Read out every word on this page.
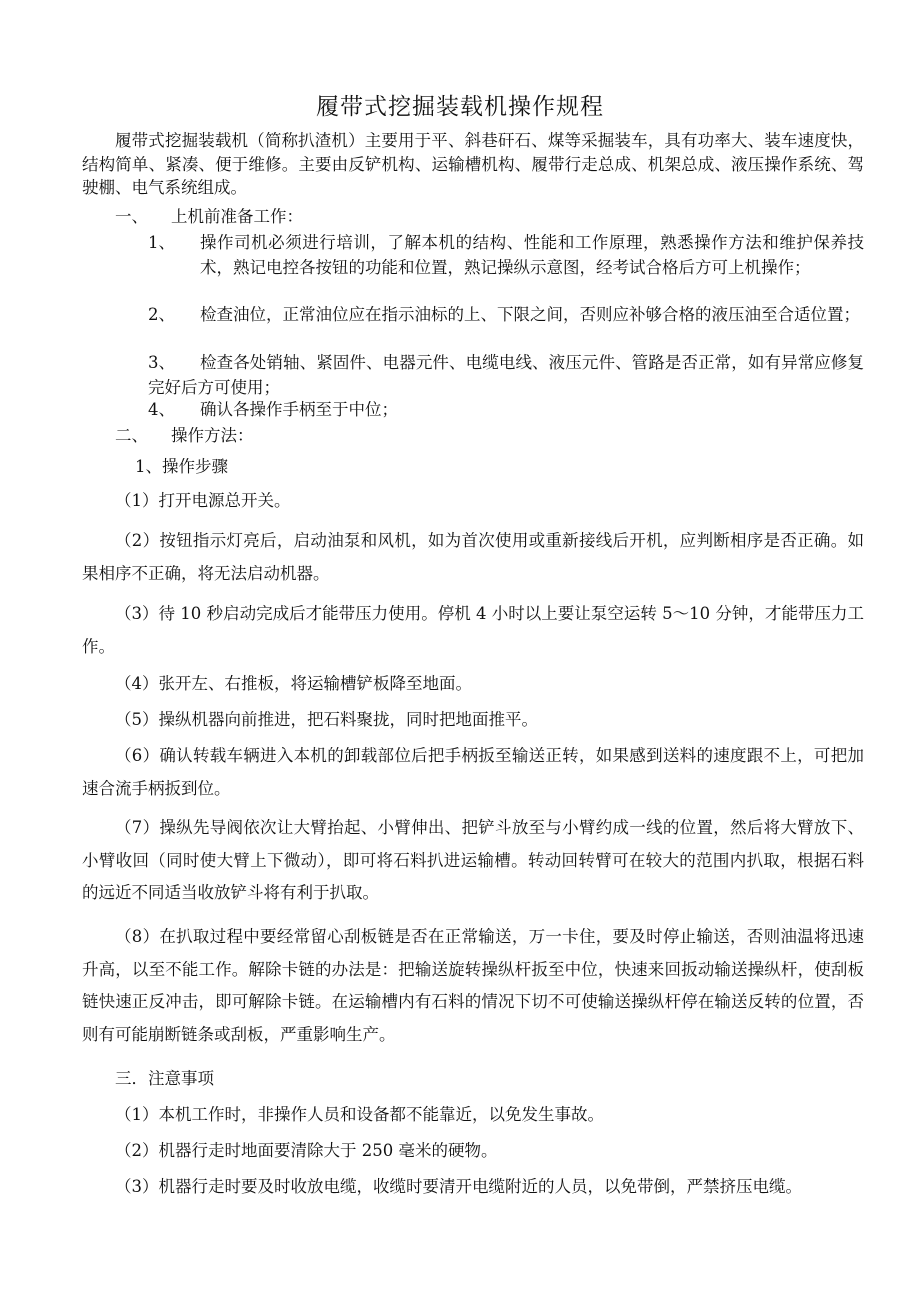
履带式挖掘装载机操作规程
履带式挖掘装载机（简称扒渣机）主要用于平、斜巷矸石、煤等采掘装车，具有功率大、装车速度快，结构简单、紧凑、便于维修。主要由反铲机构、运输槽机构、履带行走总成、机架总成、液压操作系统、驾驶棚、电气系统组成。
一、 上机前准备工作：
1、 操作司机必须进行培训，了解本机的结构、性能和工作原理，熟悉操作方法和维护保养技术，熟记电控各按钮的功能和位置，熟记操纵示意图，经考试合格后方可上机操作；
2、 检查油位，正常油位应在指示油标的上、下限之间，否则应补够合格的液压油至合适位置；
3、	检查各处销轴、紧固件、电器元件、电缆电线、液压元件、管路是否正常，如有异常应修复完好后方可使用；
4、 确认各操作手柄至于中位；
二、 操作方法：
1、操作步骤
（1）打开电源总开关。
（2）按钮指示灯亮后，启动油泵和风机，如为首次使用或重新接线后开机，应判断相序是否正确。如果相序不正确，将无法启动机器。
（3）待 10 秒启动完成后才能带压力使用。停机 4 小时以上要让泵空运转 5～10 分钟，才能带压力工作。
（4）张开左、右推板，将运输槽铲板降至地面。
（5）操纵机器向前推进，把石料聚拢，同时把地面推平。
（6）确认转载车辆进入本机的卸载部位后把手柄扳至输送正转，如果感到送料的速度跟不上，可把加速合流手柄扳到位。
（7）操纵先导阀依次让大臂抬起、小臂伸出、把铲斗放至与小臂约成一线的位置，然后将大臂放下、小臂收回（同时使大臂上下微动），即可将石料扒进运输槽。转动回转臂可在较大的范围内扒取，根据石料的远近不同适当收放铲斗将有利于扒取。
（8）在扒取过程中要经常留心刮板链是否在正常输送，万一卡住，要及时停止输送，否则油温将迅速升高，以至不能工作。解除卡链的办法是：把输送旋转操纵杆扳至中位，快速来回扳动输送操纵杆，使刮板链快速正反冲击，即可解除卡链。在运输槽内有石料的情况下切不可使输送操纵杆停在输送反转的位置，否则有可能崩断链条或刮板，严重影响生产。
三．注意事项
（1）本机工作时，非操作人员和设备都不能靠近，以免发生事故。
（2）机器行走时地面要清除大于 250 毫米的硬物。
（3）机器行走时要及时收放电缆，收缆时要清开电缆附近的人员，以免带倒，严禁挤压电缆。
